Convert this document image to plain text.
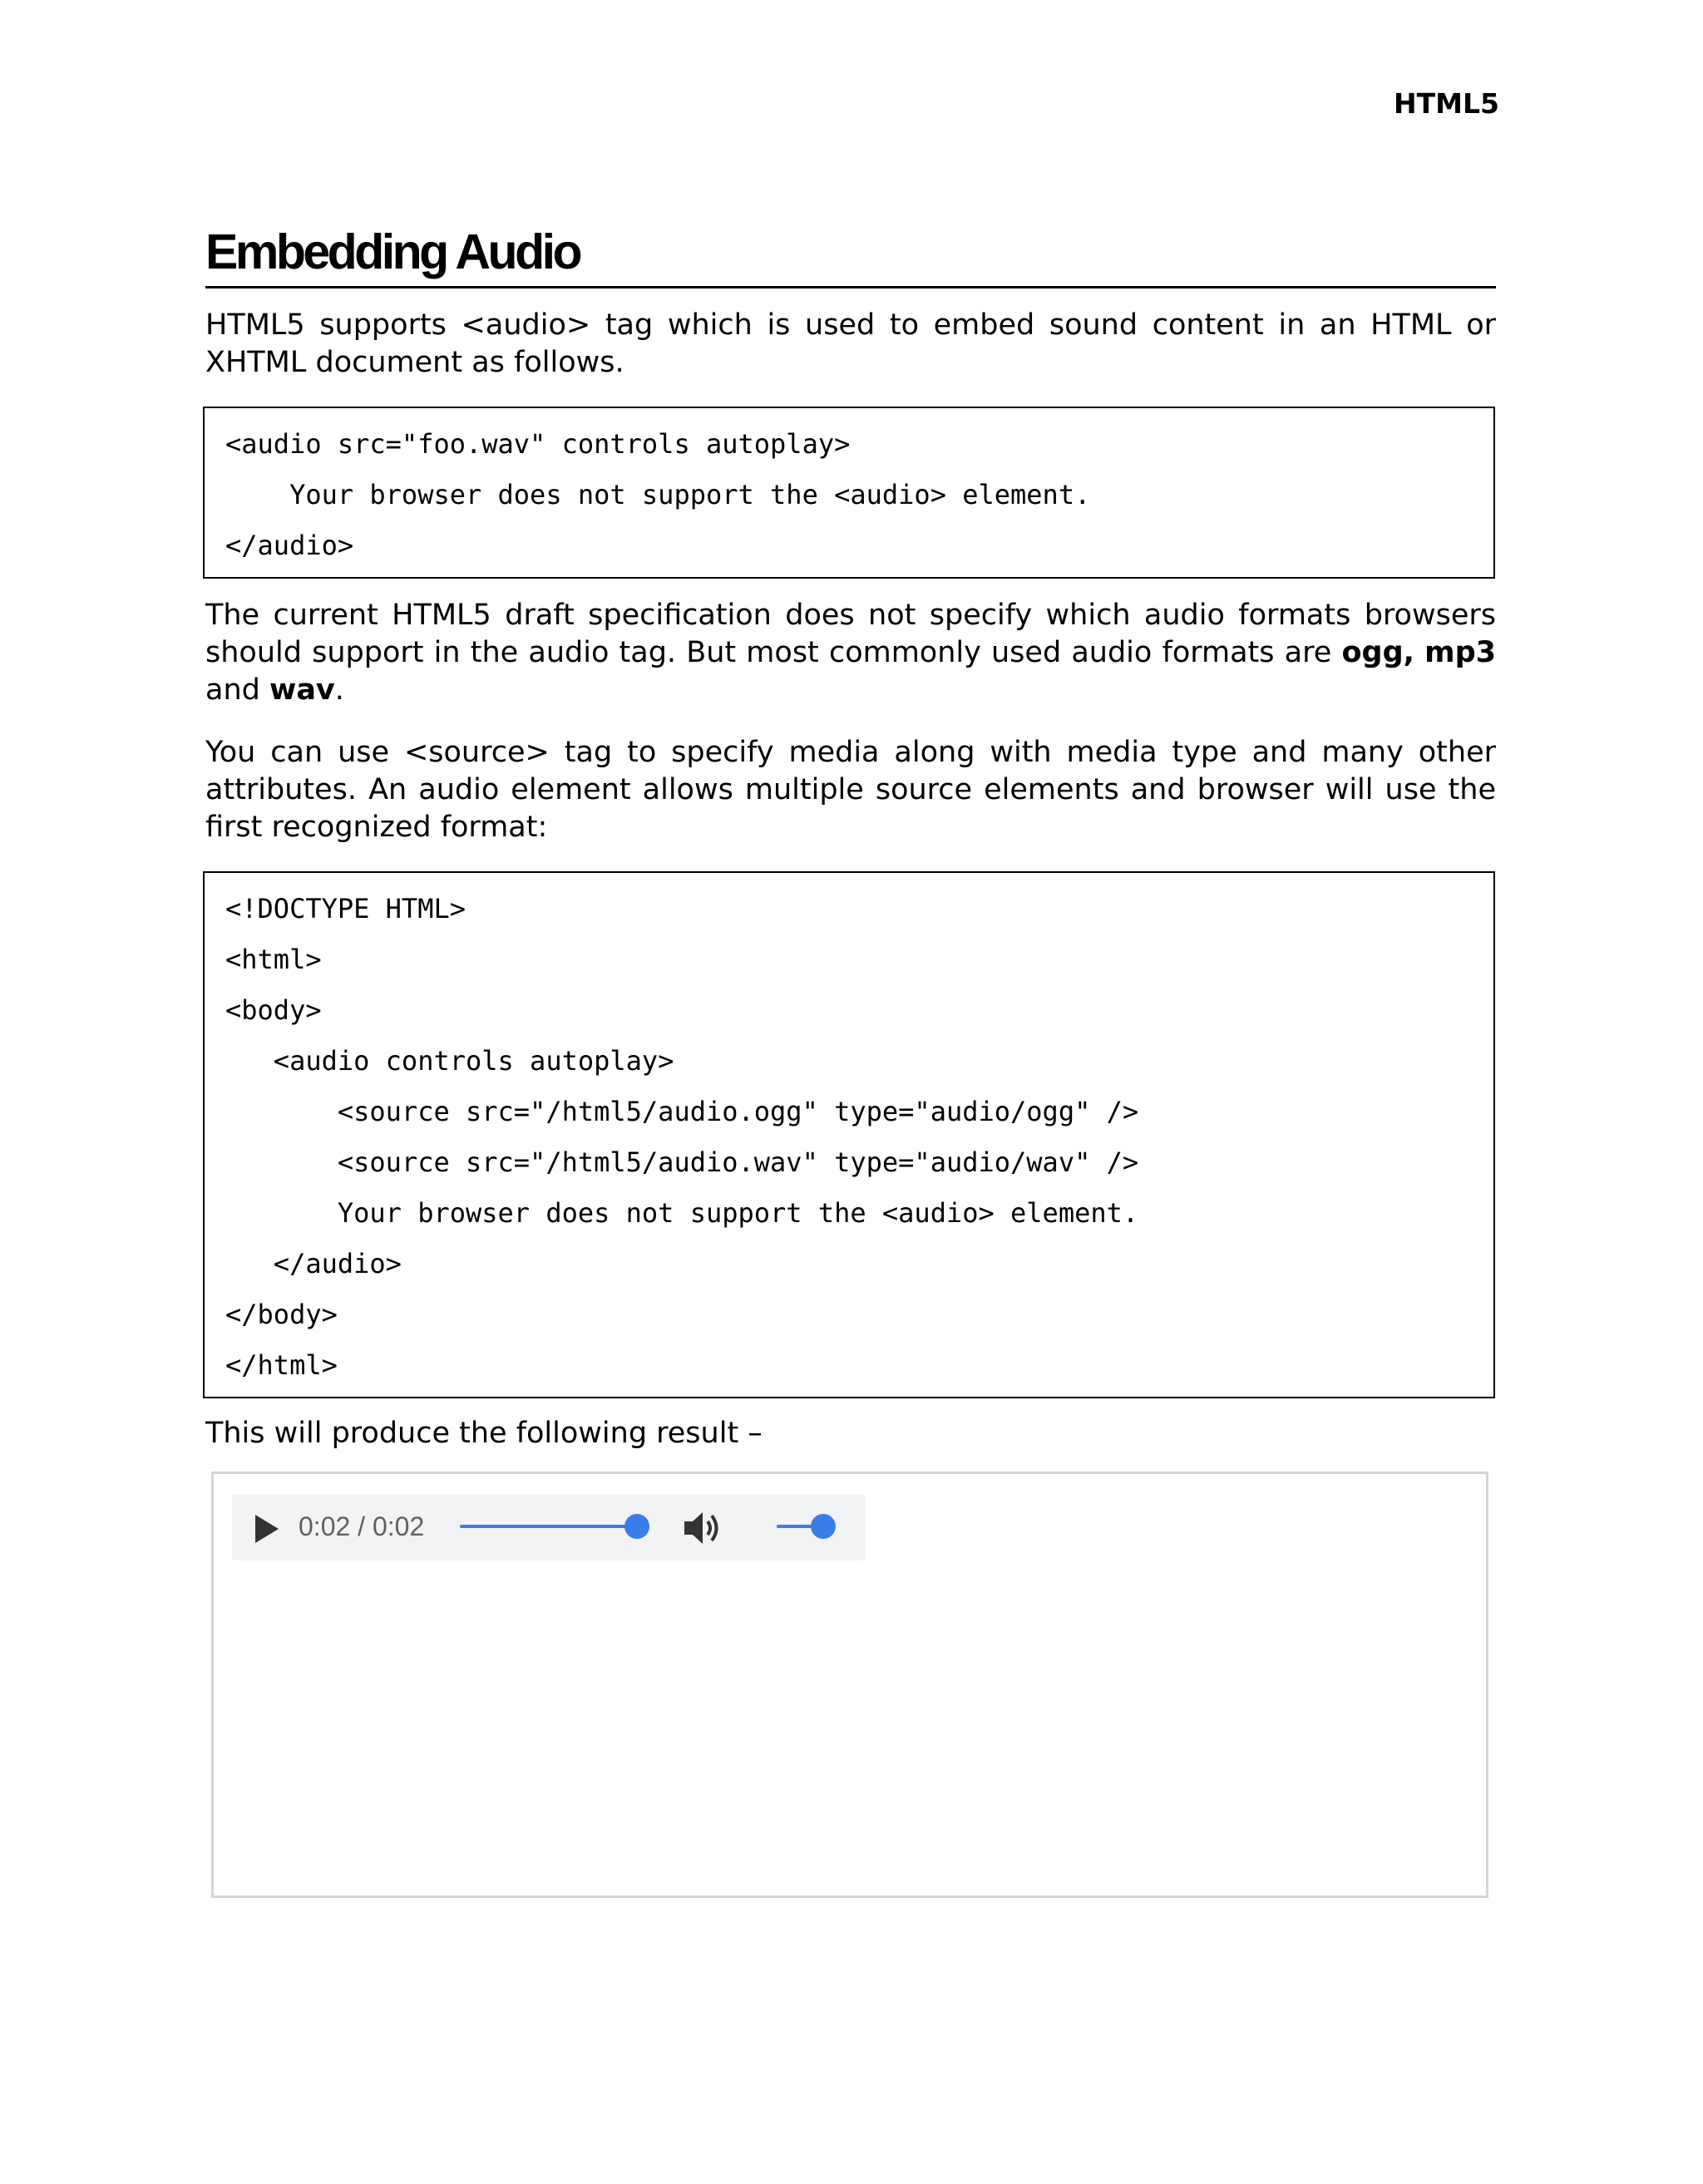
HTML5
Embedding Audio

HTML5 supports <audio> tag which is used to embed sound content in an HTML or XHTML document as follows.

<audio src="foo.wav" controls autoplay>
Your browser does not support the <audio> element.
</audio>

The current HTML5 draft specification does not specify which audio formats browsers should support in the audio tag. But most commonly used audio formats are ogg, mp3 and wav.

You can use <source> tag to specify media along with media type and many other attributes. An audio element allows multiple source elements and browser will use the first recognized format:

<!DOCTYPE HTML>
<html>
<body>
<audio controls autoplay>
<source src="/html5/audio.ogg" type="audio/ogg" />
<source src="/html5/audio.wav" type="audio/wav" />
Your browser does not support the <audio> element.
</audio>
</body>
</html>

This will produce the following result –

0:02 / 0:02
